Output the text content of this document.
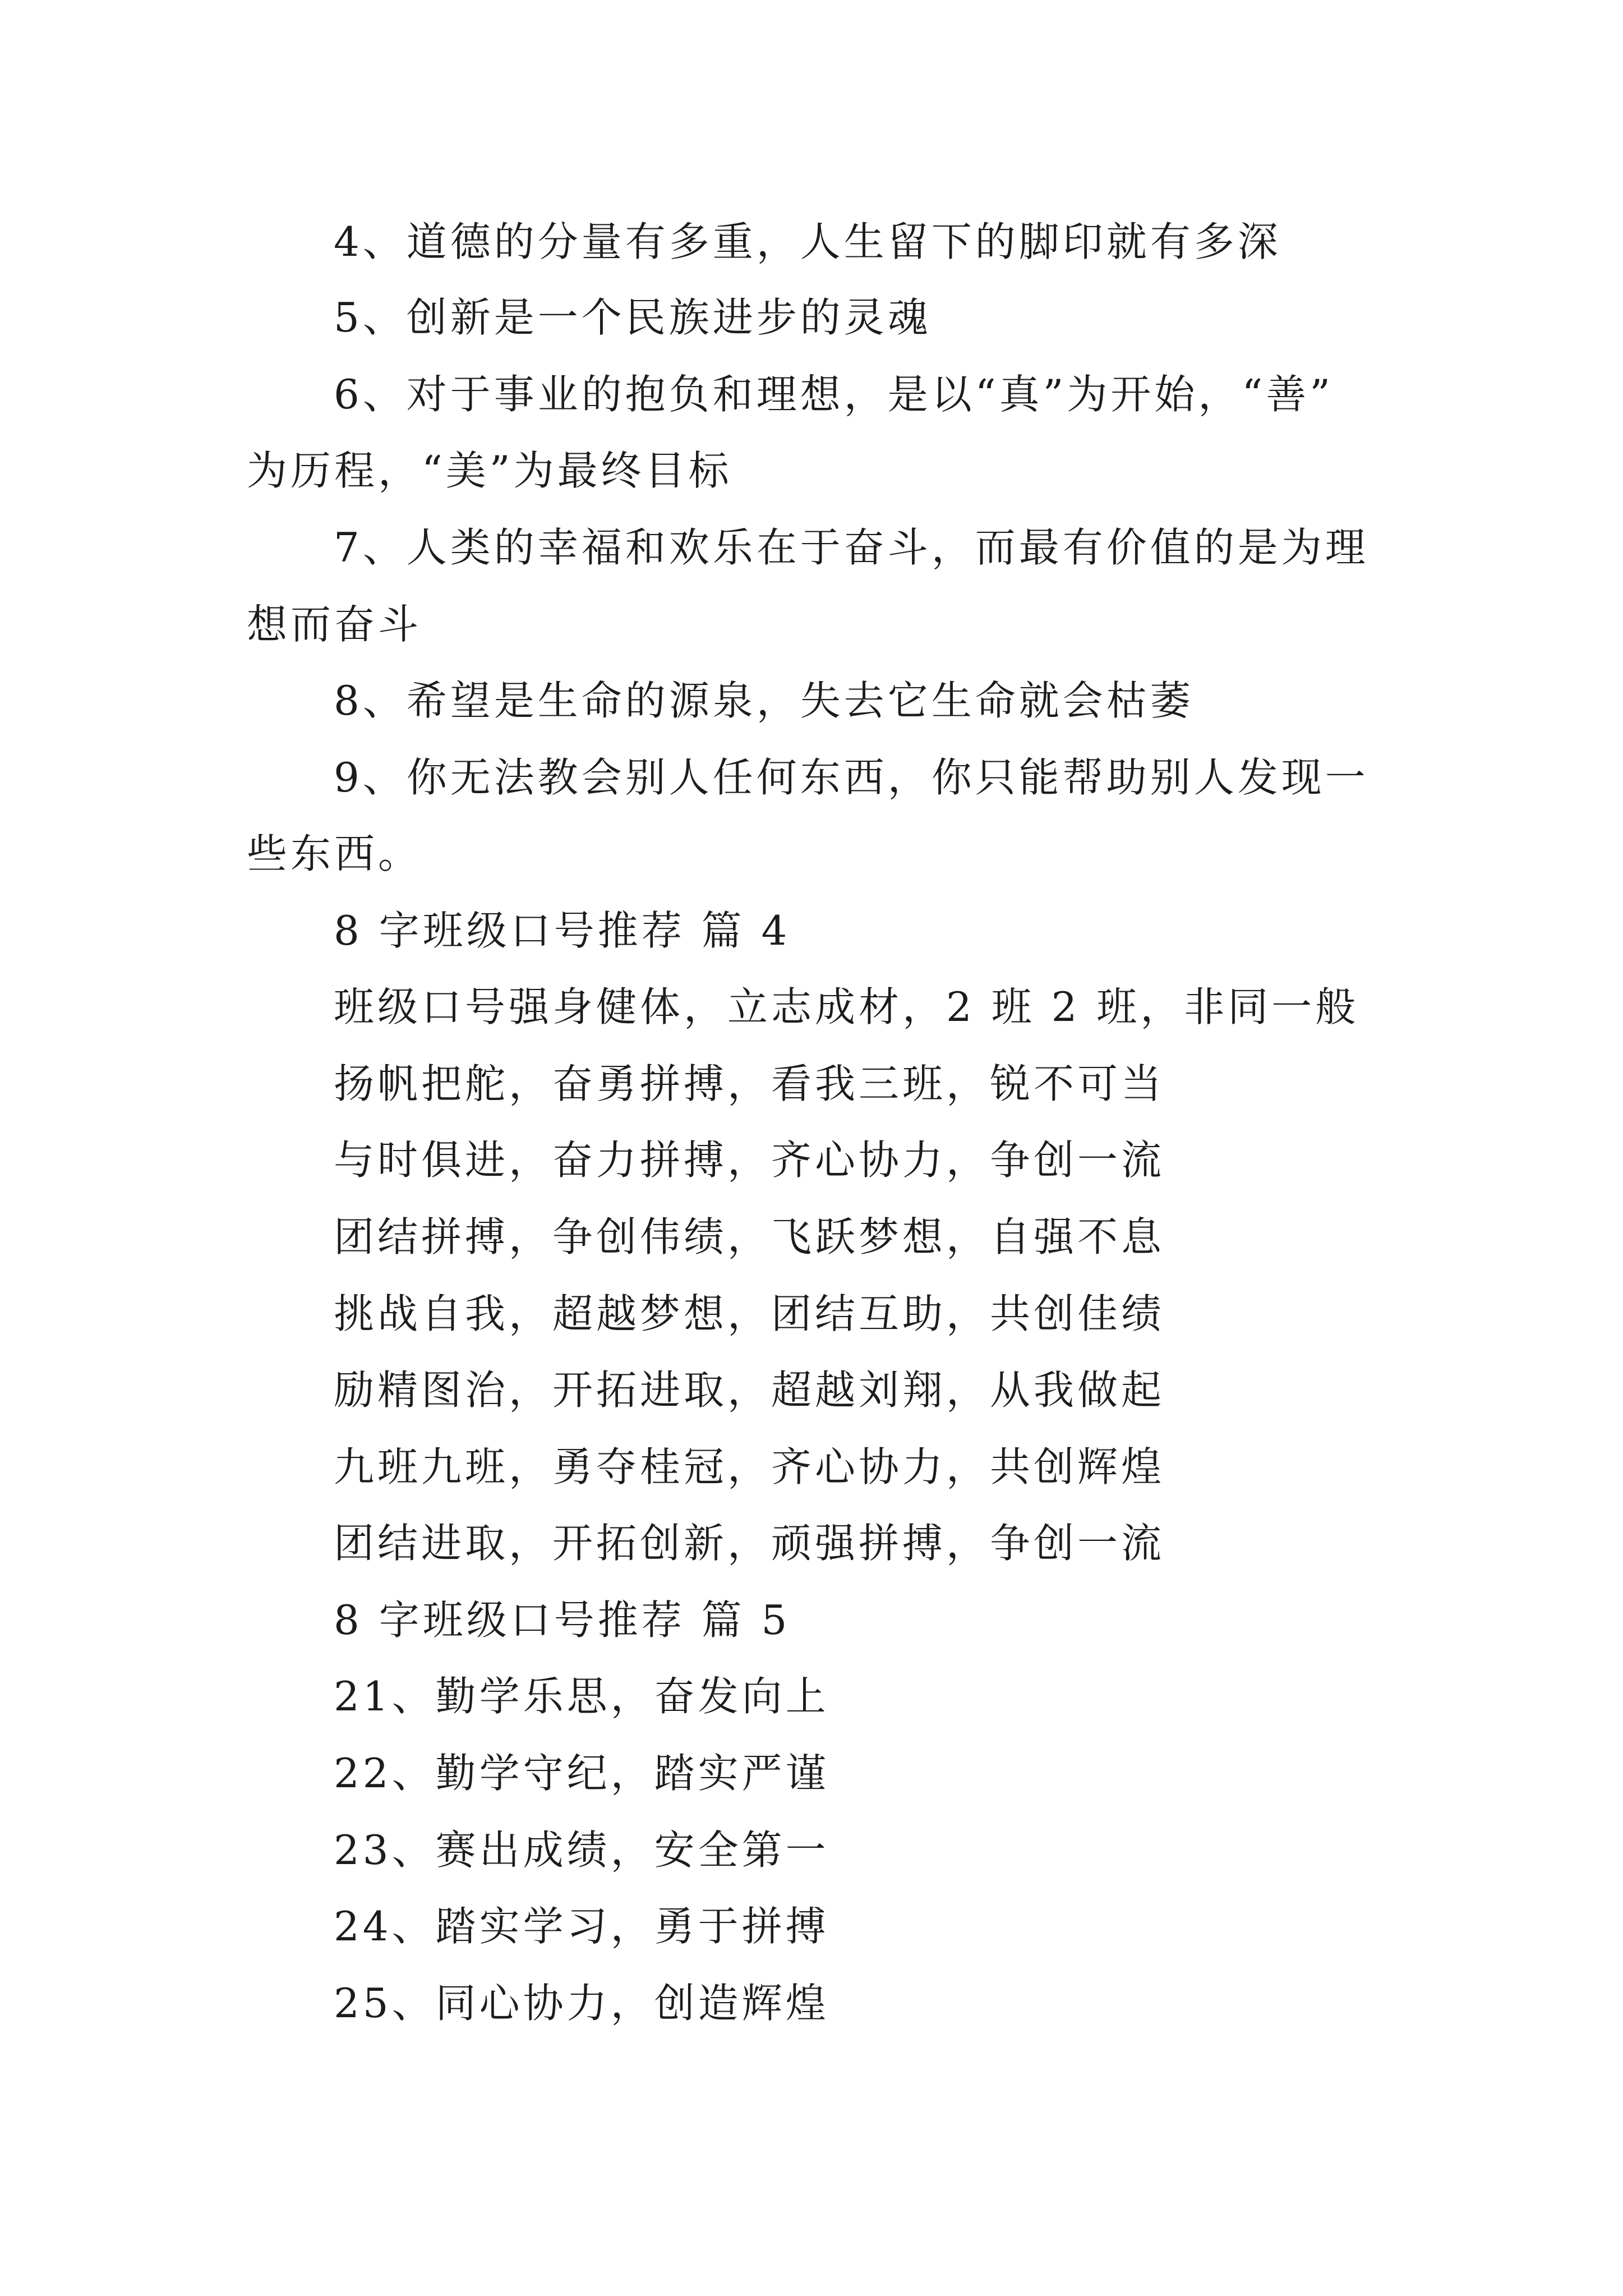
4、道德的分量有多重，人生留下的脚印就有多深

5、创新是一个民族进步的灵魂

6、对于事业的抱负和理想，是以“真”为开始，“善”

为历程，“美”为最终目标

7、人类的幸福和欢乐在于奋斗，而最有价值的是为理

想而奋斗

8、希望是生命的源泉，失去它生命就会枯萎

9、你无法教会别人任何东西，你只能帮助别人发现一

些东西。

8 字班级口号推荐 篇 4

班级口号强身健体，立志成材，2 班 2 班，非同一般

扬帆把舵，奋勇拼搏，看我三班，锐不可当

与时俱进，奋力拼搏，齐心协力，争创一流

团结拼搏，争创伟绩，飞跃梦想，自强不息

挑战自我，超越梦想，团结互助，共创佳绩

励精图治，开拓进取，超越刘翔，从我做起

九班九班，勇夺桂冠，齐心协力，共创辉煌

团结进取，开拓创新，顽强拼搏，争创一流

8 字班级口号推荐 篇 5

21、勤学乐思，奋发向上

22、勤学守纪，踏实严谨

23、赛出成绩，安全第一

24、踏实学习，勇于拼搏

25、同心协力，创造辉煌
